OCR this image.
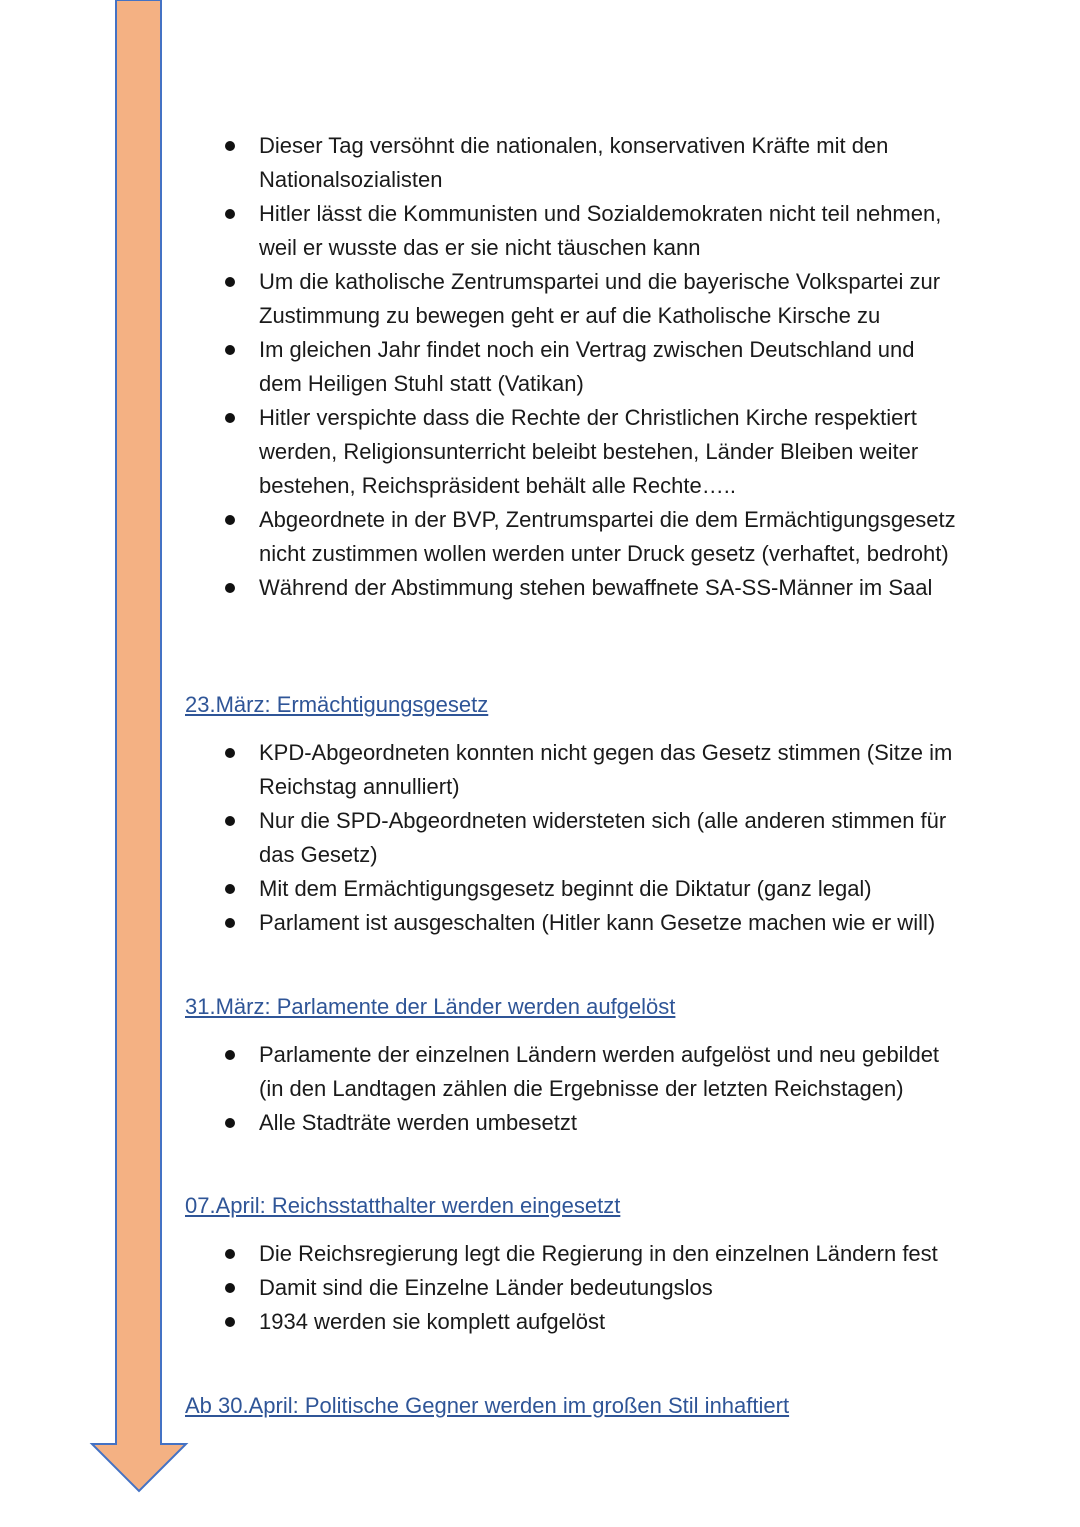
Dieser Tag versöhnt die nationalen, konservativen Kräfte mit den Nationalsozialisten
Hitler lässt die Kommunisten und Sozialdemokraten nicht teil nehmen, weil er wusste das er sie nicht täuschen kann
Um die katholische Zentrumspartei und die bayerische Volkspartei zur Zustimmung zu bewegen geht er auf die Katholische Kirsche zu
Im gleichen Jahr findet noch ein Vertrag zwischen Deutschland und dem Heiligen Stuhl statt (Vatikan)
Hitler verspichte dass die Rechte der Christlichen Kirche respektiert werden, Religionsunterricht beleibt bestehen, Länder Bleiben weiter bestehen, Reichspräsident behält alle Rechte…..
Abgeordnete in der BVP, Zentrumspartei die dem Ermächtigungsgesetz nicht zustimmen wollen werden unter Druck gesetz (verhaftet, bedroht)
Während der Abstimmung stehen bewaffnete SA-SS-Männer im Saal
23.März: Ermächtigungsgesetz
KPD-Abgeordneten konnten nicht gegen das Gesetz stimmen (Sitze im Reichstag annulliert)
Nur die SPD-Abgeordneten widersteten sich (alle anderen stimmen für das Gesetz)
Mit dem Ermächtigungsgesetz beginnt die Diktatur (ganz legal)
Parlament ist ausgeschalten (Hitler kann Gesetze machen wie er will)
31.März: Parlamente der Länder werden aufgelöst
Parlamente der einzelnen Ländern werden aufgelöst und neu gebildet (in den Landtagen zählen die Ergebnisse der letzten Reichstagen)
Alle Stadträte werden umbesetzt
07.April: Reichsstatthalter werden eingesetzt
Die Reichsregierung legt die Regierung in den einzelnen Ländern fest
Damit sind die Einzelne Länder bedeutungslos
1934 werden sie komplett aufgelöst
Ab 30.April: Politische Gegner werden im großen Stil inhaftiert
